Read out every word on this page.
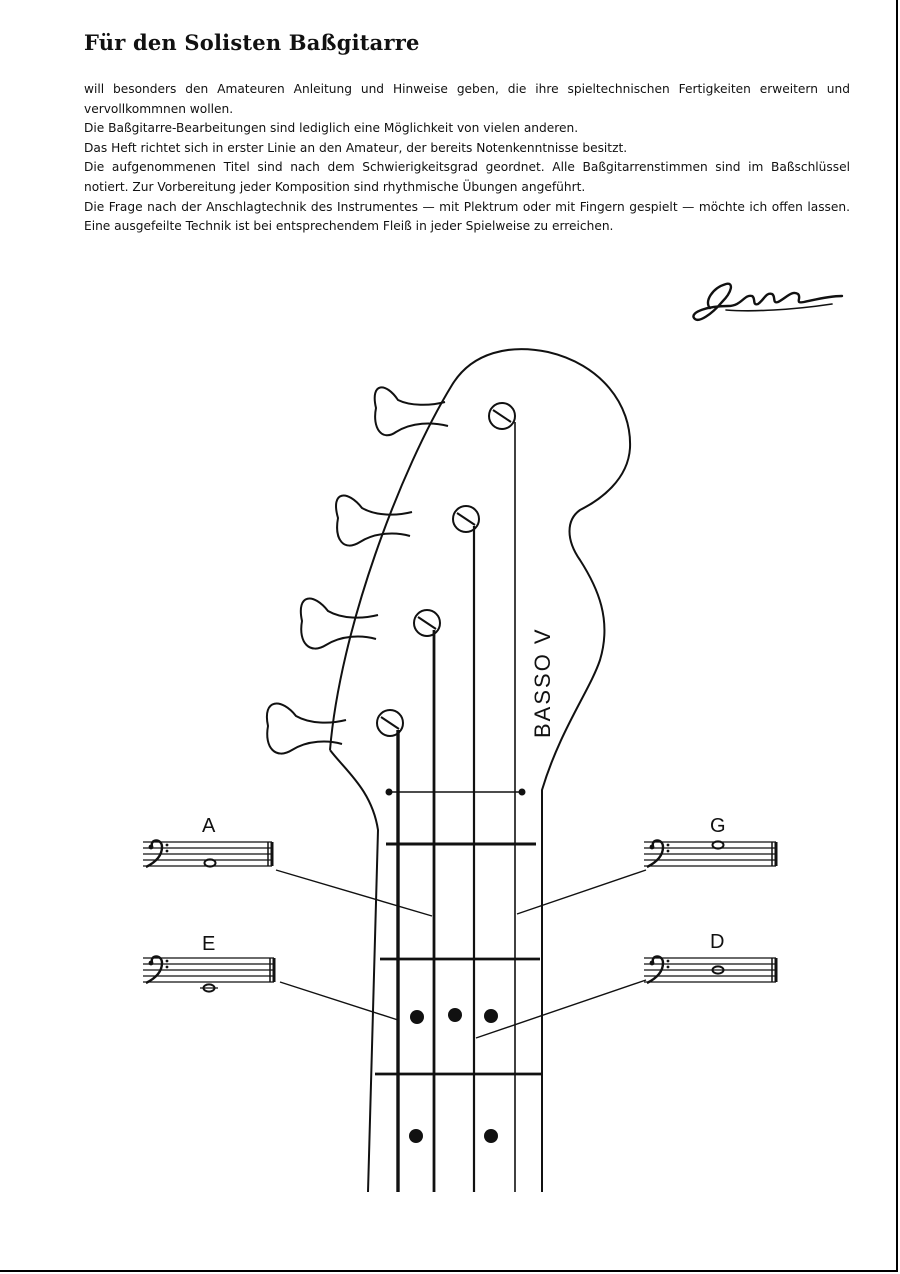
Für den Solisten Baßgitarre

will besonders den Amateuren Anleitung und Hinweise geben, die ihre spieltechnischen Fertigkeiten erweitern und vervollkommnen wollen.

Die Baßgitarre-Bearbeitungen sind lediglich eine Möglichkeit von vielen anderen.

Das Heft richtet sich in erster Linie an den Amateur, der bereits Notenkenntnisse besitzt.

Die aufgenommenen Titel sind nach dem Schwierigkeitsgrad geordnet. Alle Baßgitarrenstimmen sind im Baßschlüssel notiert. Zur Vorbereitung jeder Komposition sind rhythmische Übungen angeführt.

Die Frage nach der Anschlagtechnik des Instrumentes — mit Plektrum oder mit Fingern gespielt — möchte ich offen lassen. Eine ausgefeilte Technik ist bei entsprechendem Fleiß in jeder Spielweise zu erreichen.

BASSO V
A
E
G
D
